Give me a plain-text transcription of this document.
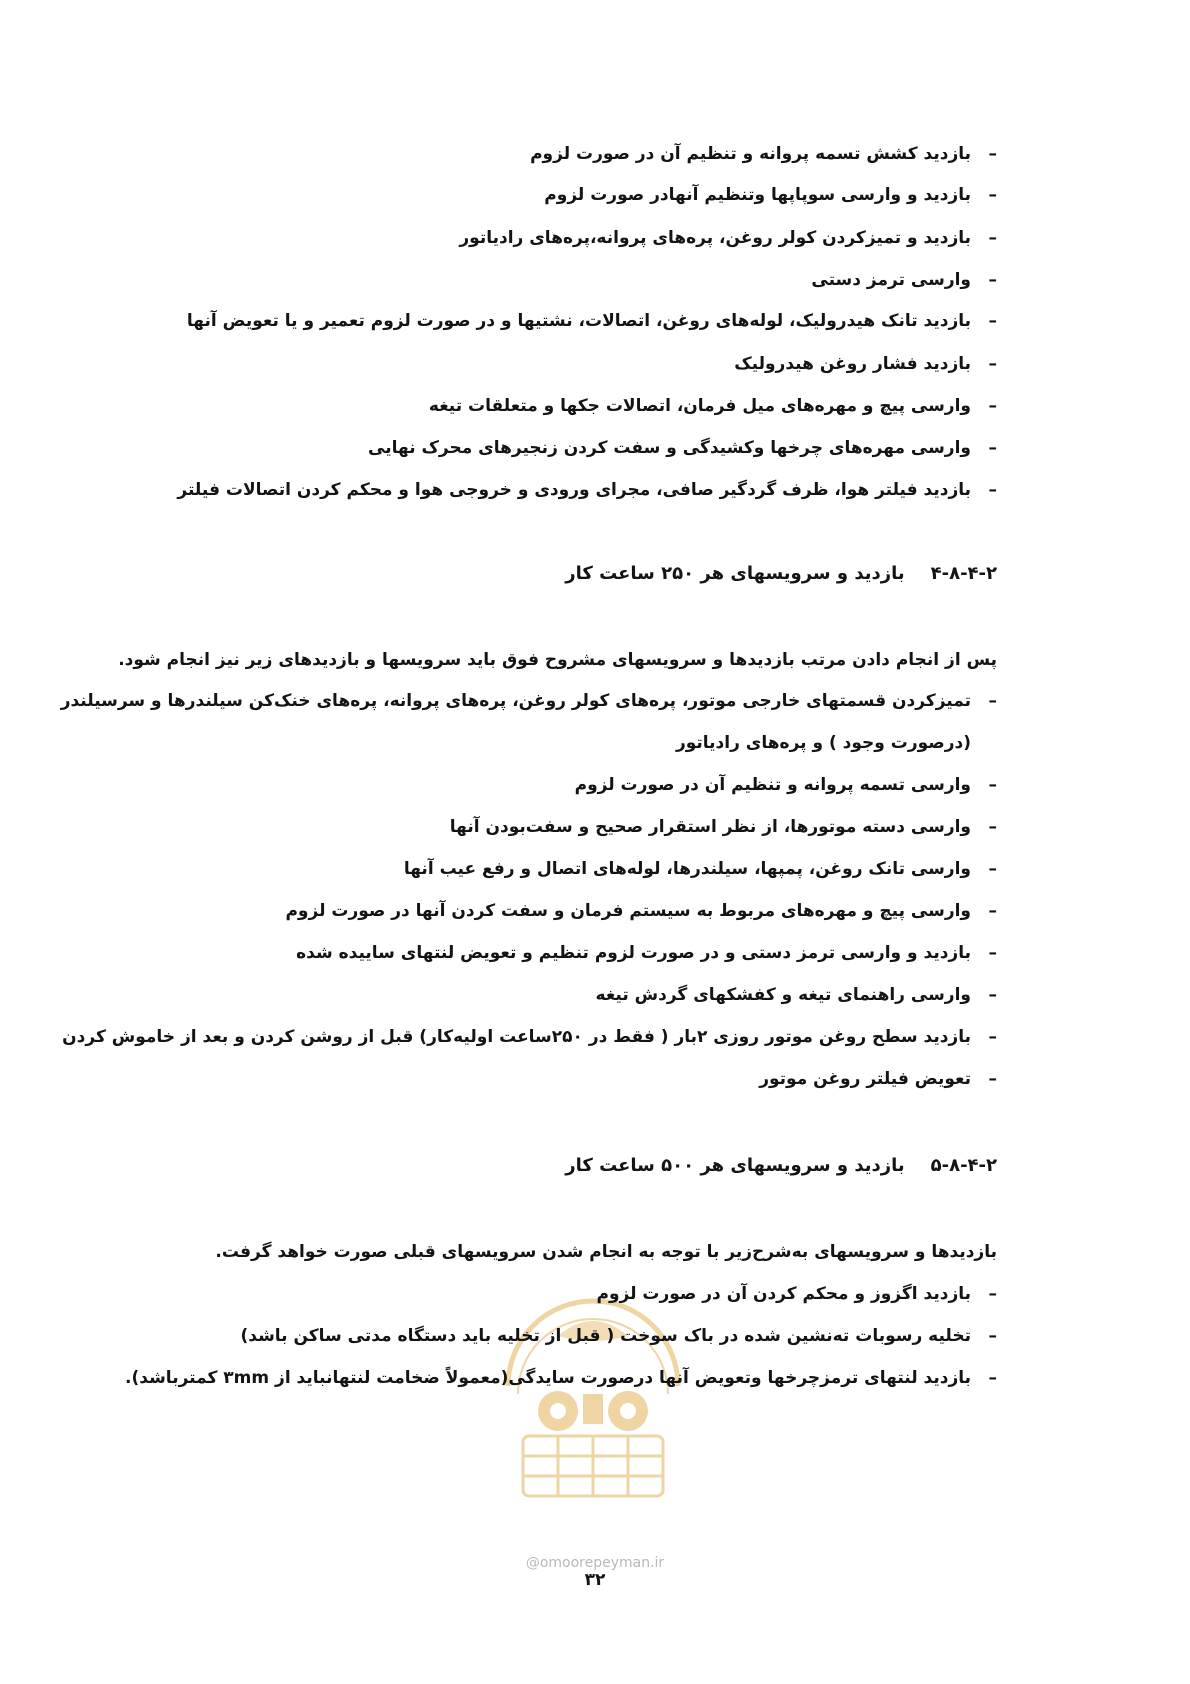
–بازدید کشش تسمه پروانه و تنظیم آن در صورت لزوم
–بازدید و وارسی سوپاپها وتنظیم آنهادر صورت لزوم
–بازدید و تمیزکردن کولر روغن، پره‌های پروانه،پره‌های رادیاتور
–وارسی ترمز دستی
–بازدید تانک هیدرولیک، لوله‌های روغن، اتصالات، نشتیها و در صورت لزوم تعمیر و یا تعویض آنها
–بازدید فشار روغن هیدرولیک
–وارسی پیچ و مهره‌های میل فرمان، اتصالات جکها و متعلقات تیغه
–وارسی مهره‌های چرخها وکشیدگی و سفت کردن زنجیرهای محرک نهایی
–بازدید فیلتر هوا، ظرف گردگیر صافی، مجرای ورودی و خروجی هوا و محکم کردن اتصالات فیلتر
۴-۸-۴-۲بازدید و سرویسهای هر ۲۵۰ ساعت کار
پس از انجام دادن مرتب بازدیدها و سرویسهای مشروح فوق باید سرویسها و بازدیدهای زیر نیز انجام شود.
–تمیزکردن قسمتهای خارجی موتور، پره‌های کولر روغن، پره‌های پروانه، پره‌های خنک‌کن سیلندرها و سرسیلندر
(درصورت وجود ) و پره‌های رادیاتور
–وارسی تسمه پروانه و تنظیم آن در صورت لزوم
–وارسی دسته موتورها، از نظر استقرار صحیح و سفت‌بودن آنها
–وارسی تانک روغن، پمپها، سیلندرها، لوله‌های اتصال و رفع عیب آنها
–وارسی پیچ و مهره‌های مربوط به سیستم فرمان و سفت کردن آنها در صورت لزوم
–بازدید و وارسی ترمز دستی و در صورت لزوم تنظیم و تعویض لنتهای ساییده شده
–وارسی راهنمای تیغه و کفشکهای گردش تیغه
–بازدید سطح روغن موتور روزی ۲بار ( فقط در ۲۵۰ساعت اولیه‌کار) قبل از روشن کردن و بعد از خاموش کردن
–تعویض فیلتر روغن موتور
۵-۸-۴-۲بازدید و سرویسهای هر ۵۰۰ ساعت کار
بازدیدها و سرویسهای به‌شرح‌زیر با توجه به انجام شدن سرویسهای قبلی صورت خواهد گرفت.
–بازدید اگزوز و محکم کردن آن در صورت لزوم
–تخلیه رسوبات ته‌نشین شده در باک سوخت ( قبل از تخلیه باید دستگاه مدتی ساکن باشد)
–بازدید لنتهای ترمزچرخها وتعویض آنها درصورت سایدگی(معمولاً ضخامت لنتهانباید از ۳mm کمترباشد).
@omoorepeyman.ir
۳۲
